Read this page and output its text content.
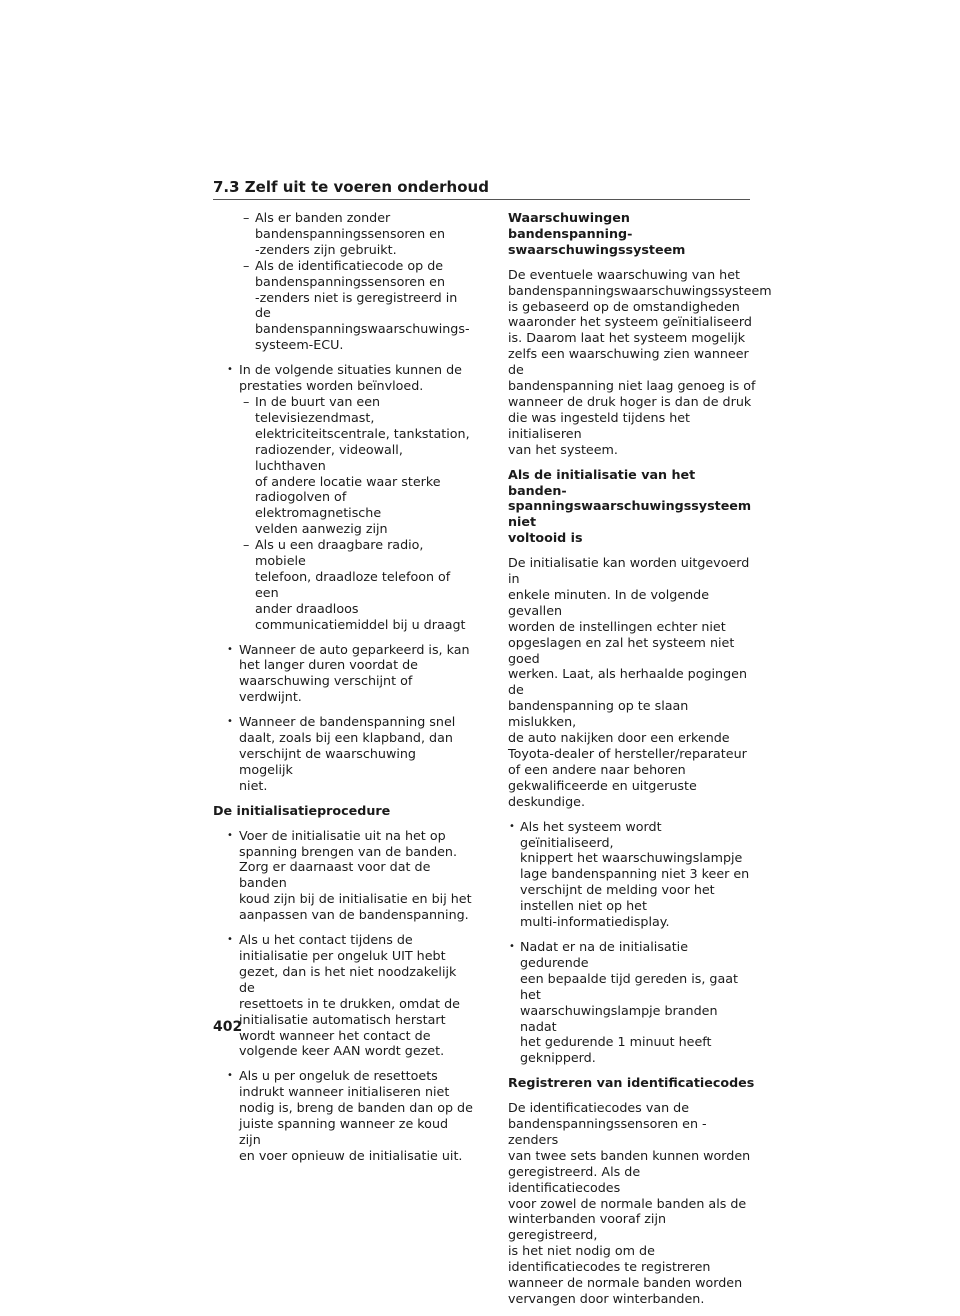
7.3 Zelf uit te voeren onderhoud
– Als er banden zonder
bandenspanningssensoren en
-zenders zijn gebruikt.
– Als de identificatiecode op de
bandenspanningssensoren en
-zenders niet is geregistreerd in de
bandenspanningswaarschuwings-
systeem-ECU.
• In de volgende situaties kunnen de
prestaties worden beïnvloed.
– In de buurt van een
televisiezendmast,
elektriciteitscentrale, tankstation,
radiozender, videowall, luchthaven
of andere locatie waar sterke
radiogolven of elektromagnetische
velden aanwezig zijn
– Als u een draagbare radio, mobiele
telefoon, draadloze telefoon of een
ander draadloos
communicatiemiddel bij u draagt
• Wanneer de auto geparkeerd is, kan
het langer duren voordat de
waarschuwing verschijnt of verdwijnt.
• Wanneer de bandenspanning snel
daalt, zoals bij een klapband, dan
verschijnt de waarschuwing mogelijk
niet.
De initialisatieprocedure
• Voer de initialisatie uit na het op
spanning brengen van de banden.
Zorg er daarnaast voor dat de banden
koud zijn bij de initialisatie en bij het
aanpassen van de bandenspanning.
• Als u het contact tijdens de
initialisatie per ongeluk UIT hebt
gezet, dan is het niet noodzakelijk de
resettoets in te drukken, omdat de
initialisatie automatisch herstart
wordt wanneer het contact de
volgende keer AAN wordt gezet.
• Als u per ongeluk de resettoets
indrukt wanneer initialiseren niet
nodig is, breng de banden dan op de
juiste spanning wanneer ze koud zijn
en voer opnieuw de initialisatie uit.
Waarschuwingen bandenspanning-
swaarschuwingssysteem
De eventuele waarschuwing van het
bandenspanningswaarschuwingssysteem
is gebaseerd op de omstandigheden
waaronder het systeem geïnitialiseerd
is. Daarom laat het systeem mogelijk
zelfs een waarschuwing zien wanneer de
bandenspanning niet laag genoeg is of
wanneer de druk hoger is dan de druk
die was ingesteld tijdens het initialiseren
van het systeem.
Als de initialisatie van het banden-
spanningswaarschuwingssysteem niet
voltooid is
De initialisatie kan worden uitgevoerd in
enkele minuten. In de volgende gevallen
worden de instellingen echter niet
opgeslagen en zal het systeem niet goed
werken. Laat, als herhaalde pogingen de
bandenspanning op te slaan mislukken,
de auto nakijken door een erkende
Toyota-dealer of hersteller/reparateur
of een andere naar behoren
gekwalificeerde en uitgeruste
deskundige.
• Als het systeem wordt geïnitialiseerd,
knippert het waarschuwingslampje
lage bandenspanning niet 3 keer en
verschijnt de melding voor het
instellen niet op het
multi-informatiedisplay.
• Nadat er na de initialisatie gedurende
een bepaalde tijd gereden is, gaat het
waarschuwingslampje branden nadat
het gedurende 1 minuut heeft
geknipperd.
Registreren van identificatiecodes
De identificatiecodes van de
bandenspanningssensoren en -zenders
van twee sets banden kunnen worden
geregistreerd. Als de identificatiecodes
voor zowel de normale banden als de
winterbanden vooraf zijn geregistreerd,
is het niet nodig om de
identificatiecodes te registreren
wanneer de normale banden worden
vervangen door winterbanden.
402
